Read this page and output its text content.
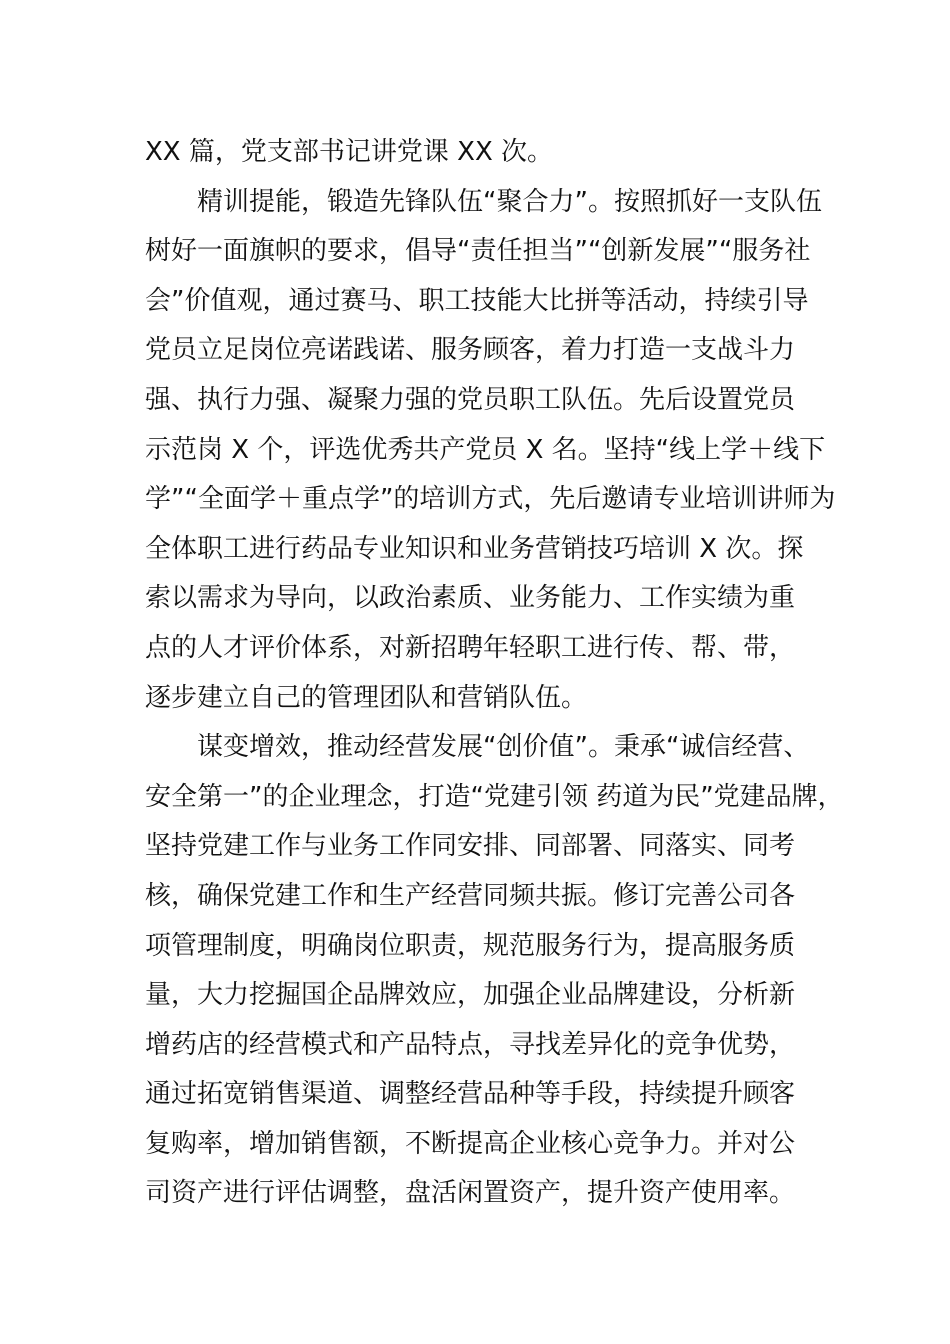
XX 篇，党支部书记讲党课 XX 次。
精训提能，锻造先锋队伍“聚合力”。按照抓好一支队伍
树好一面旗帜的要求，倡导“责任担当”“创新发展”“服务社
会”价值观，通过赛马、职工技能大比拼等活动，持续引导
党员立足岗位亮诺践诺、服务顾客，着力打造一支战斗力
强、执行力强、凝聚力强的党员职工队伍。先后设置党员
示范岗 X 个，评选优秀共产党员 X 名。坚持“线上学＋线下
学”“全面学＋重点学”的培训方式，先后邀请专业培训讲师为
全体职工进行药品专业知识和业务营销技巧培训 X 次。探
索以需求为导向，以政治素质、业务能力、工作实绩为重
点的人才评价体系，对新招聘年轻职工进行传、帮、带，
逐步建立自己的管理团队和营销队伍。
谋变增效，推动经营发展“创价值”。秉承“诚信经营、
安全第一”的企业理念，打造“党建引领 药道为民”党建品牌，
坚持党建工作与业务工作同安排、同部署、同落实、同考
核，确保党建工作和生产经营同频共振。修订完善公司各
项管理制度，明确岗位职责，规范服务行为，提高服务质
量，大力挖掘国企品牌效应，加强企业品牌建设，分析新
增药店的经营模式和产品特点，寻找差异化的竞争优势，
通过拓宽销售渠道、调整经营品种等手段，持续提升顾客
复购率，增加销售额，不断提高企业核心竞争力。并对公
司资产进行评估调整，盘活闲置资产，提升资产使用率。
